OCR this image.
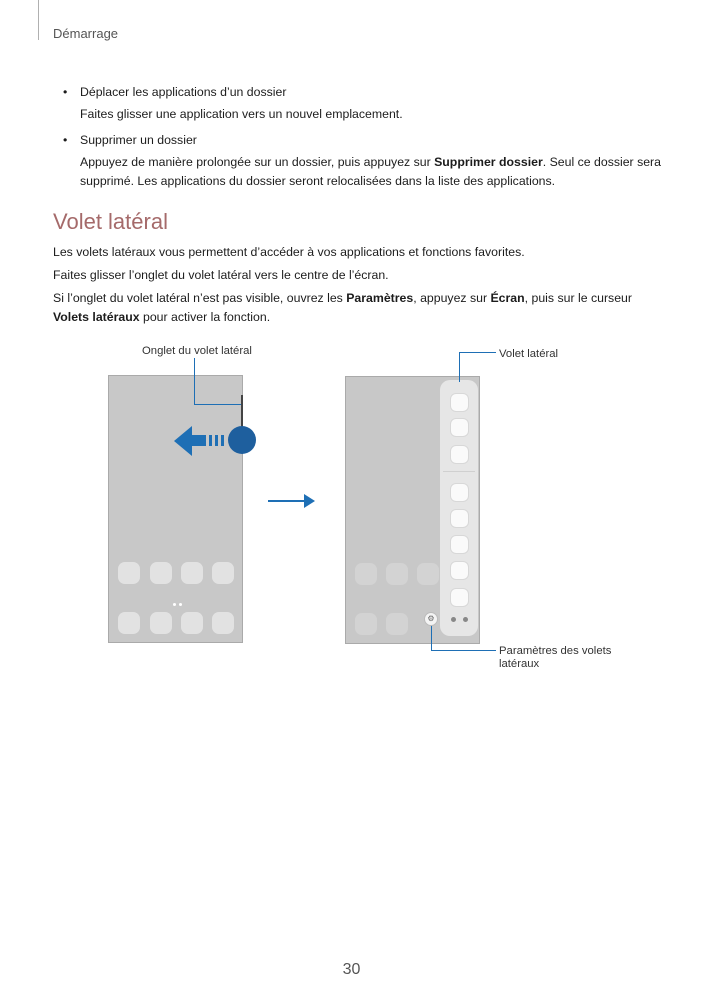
Démarrage
• Déplacer les applications d’un dossier
Faites glisser une application vers un nouvel emplacement.
• Supprimer un dossier
Appuyez de manière prolongée sur un dossier, puis appuyez sur Supprimer dossier. Seul ce dossier sera supprimé. Les applications du dossier seront relocalisées dans la liste des applications.
Volet latéral

Les volets latéraux vous permettent d’accéder à vos applications et fonctions favorites.

Faites glisser l’onglet du volet latéral vers le centre de l’écran.

Si l’onglet du volet latéral n’est pas visible, ouvrez les Paramètres, appuyez sur Écran, puis sur le curseur Volets latéraux pour activer la fonction.

Onglet du volet latéral	Volet latéral
Paramètres des volets latéraux
⚙
30
